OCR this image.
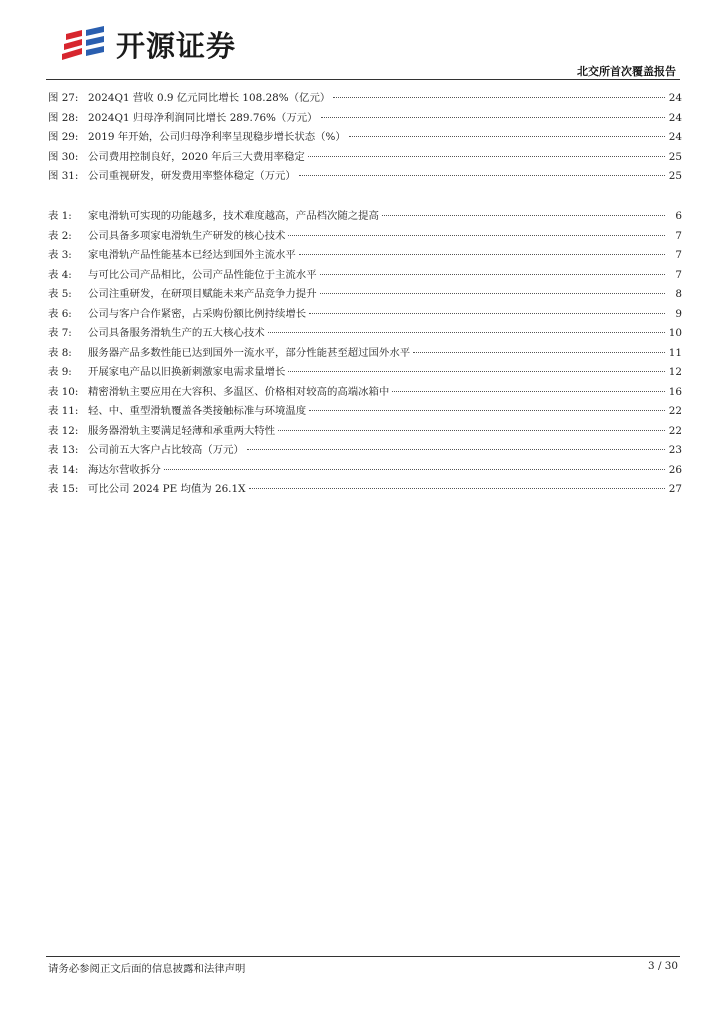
开源证券
北交所首次覆盖报告
图 27: 2024Q1 营收 0.9 亿元同比增长 108.28%（亿元）	24
图 28: 2024Q1 归母净利润同比增长 289.76%（万元）	24
图 29: 2019 年开始，公司归母净利率呈现稳步增长状态（%）	24
图 30: 公司费用控制良好，2020 年后三大费用率稳定	25
图 31: 公司重视研发，研发费用率整体稳定（万元）	25
表 1:	家电滑轨可实现的功能越多，技术难度越高，产品档次随之提高	6
表 2:	公司具备多项家电滑轨生产研发的核心技术	7
表 3:	家电滑轨产品性能基本已经达到国外主流水平	7
表 4:	与可比公司产品相比，公司产品性能位于主流水平	7
表 5:	公司注重研发，在研项目赋能未来产品竞争力提升	8
表 6:	公司与客户合作紧密，占采购份额比例持续增长	9
表 7:	公司具备服务滑轨生产的五大核心技术	10
表 8:	服务器产品多数性能已达到国外一流水平，部分性能甚至超过国外水平	11
表 9:	开展家电产品以旧换新刺激家电需求量增长	12
表 10: 精密滑轨主要应用在大容积、多温区、价格相对较高的高端冰箱中	16
表 11: 轻、中、重型滑轨覆盖各类接触标准与环境温度	22
表 12: 服务器滑轨主要满足轻薄和承重两大特性	22
表 13: 公司前五大客户占比较高（万元）	23
表 14: 海达尔营收拆分	26
表 15: 可比公司 2024 PE 均值为 26.1X	27
请务必参阅正文后面的信息披露和法律声明	3 / 30
